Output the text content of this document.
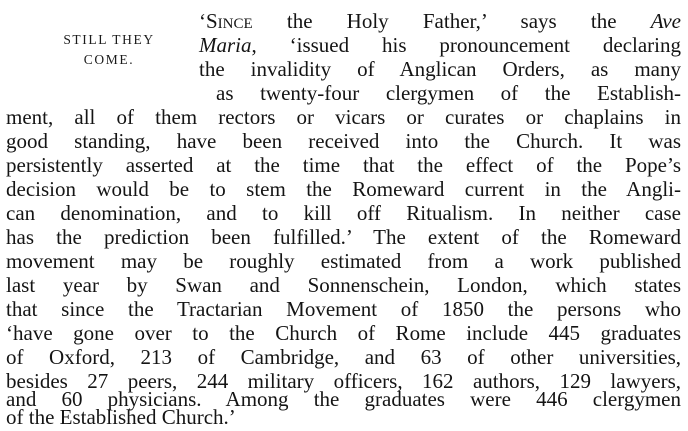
STILL THEY
COME.
‘Since the Holy Father,’ says the Ave
Maria, ‘issued his pronouncement declaring
the invalidity of Anglican Orders, as many
as twenty-four clergymen of the Establish-
ment, all of them rectors or vicars or curates or chaplains in
good standing, have been received into the Church. It was
persistently asserted at the time that the effect of the Pope’s
decision would be to stem the Romeward current in the Angli-
can denomination, and to kill off Ritualism. In neither case
has the prediction been fulfilled.’ The extent of the Romeward
movement may be roughly estimated from a work published
last year by Swan and Sonnenschein, London, which states
that since the Tractarian Movement of 1850 the persons who
‘have gone over to the Church of Rome include 445 graduates
of Oxford, 213 of Cambridge, and 63 of other universities,
besides 27 peers, 244 military officers, 162 authors, 129 lawyers,
and 60 physicians. Among the graduates were 446 clergymen
of the Established Church.’
